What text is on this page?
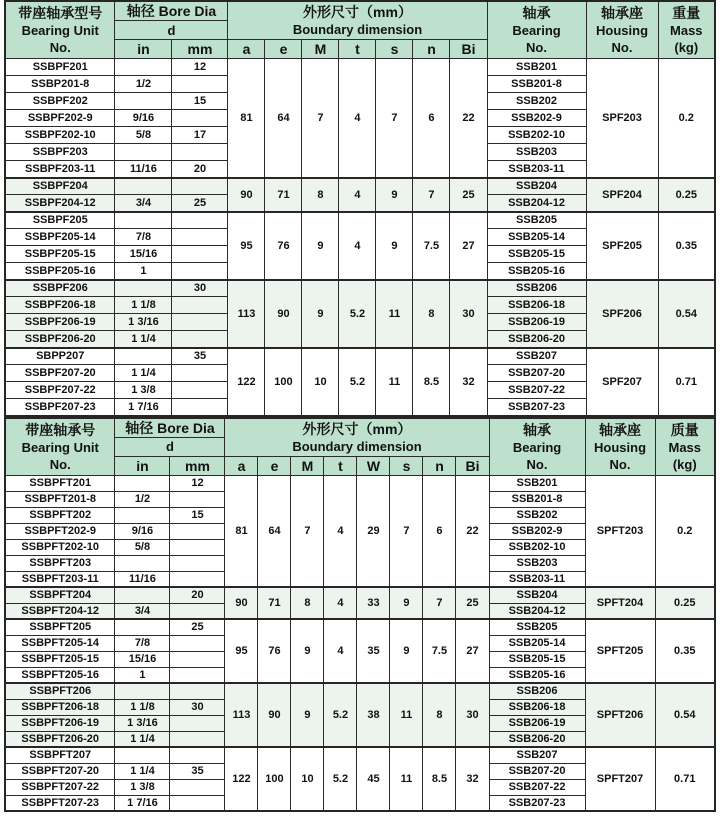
带座轴承型号
Bearing Unit
No.

轴径 Bore Dia	外形尺寸（mm）
Boundary dimension

轴承
Bearing
No.

轴承座
Housing
No.

重量
Mass
(kg)

	d											
	in	mm	a	e	M	t	s	n	Bi			
SSBPF201		12	81	64	7	4	7	6	22	SSB201	SPF203	0.2
SSBP201-8	1/2									SSB201-8		
SSBPF202		15								SSB202		
SSBPF202-9	9/16									SSB202-9		
SSBPF202-10	5/8	17								SSB202-10		
SSBPF203										SSB203		
SSBPF203-11	11/16	20								SSB203-11		
SSBPF204			90	71	8	4	9	7	25	SSB204	SPF204	0.25
SSBPF204-12	3/4	25								SSB204-12		
SSBPF205			95	76	9	4	9	7.5	27	SSB205	SPF205	0.35
SSBPF205-14	7/8									SSB205-14		
SSBPF205-15	15/16									SSB205-15		
SSBPF205-16	1									SSB205-16		
SSBPF206		30	113	90	9	5.2	11	8	30	SSB206	SPF206	0.54
SSBPF206-18	1 1/8									SSB206-18		
SSBPF206-19	1 3/16									SSB206-19		
SSBPF206-20	1 1/4									SSB206-20		
SBPP207		35	122	100	10	5.2	11	8.5	32	SSB207	SPF207	0.71
SSBPF207-20	1 1/4									SSB207-20		
SSBPF207-22	1 3/8									SSB207-22		
SSBPF207-23	1 7/16									SSB207-23		
带座轴承号
Bearing Unit
No.

轴径 Bore Dia	外形尺寸（mm）
Boundary dimension

轴承
Bearing
No.

轴承座
Housing
No.

质量
Mass
(kg)

	d												
	in	mm	a	e	M	t	W	s	n	Bi			
SSBPFT201		12	81	64	7	4	29	7	6	22	SSB201	SPFT203	0.2
SSBPFT201-8	1/2										SSB201-8		
SSBPFT202		15									SSB202		
SSBPFT202-9	9/16										SSB202-9		
SSBPFT202-10	5/8										SSB202-10		
SSBPFT203											SSB203		
SSBPFT203-11	11/16										SSB203-11		
SSBPFT204		20	90	71	8	4	33	9	7	25	SSB204	SPFT204	0.25
SSBPFT204-12	3/4										SSB204-12		
SSBPFT205		25	95	76	9	4	35	9	7.5	27	SSB205	SPFT205	0.35
SSBPFT205-14	7/8										SSB205-14		
SSBPFT205-15	15/16										SSB205-15		
SSBPFT205-16	1										SSB205-16		
SSBPFT206			113	90	9	5.2	38	11	8	30	SSB206	SPFT206	0.54
SSBPFT206-18	1 1/8	30									SSB206-18		
SSBPFT206-19	1 3/16										SSB206-19		
SSBPFT206-20	1 1/4										SSB206-20		
SSBPFT207			122	100	10	5.2	45	11	8.5	32	SSB207	SPFT207	0.71
SSBPFT207-20	1 1/4	35									SSB207-20		
SSBPFT207-22	1 3/8										SSB207-22		
SSBPFT207-23	1 7/16										SSB207-23		
